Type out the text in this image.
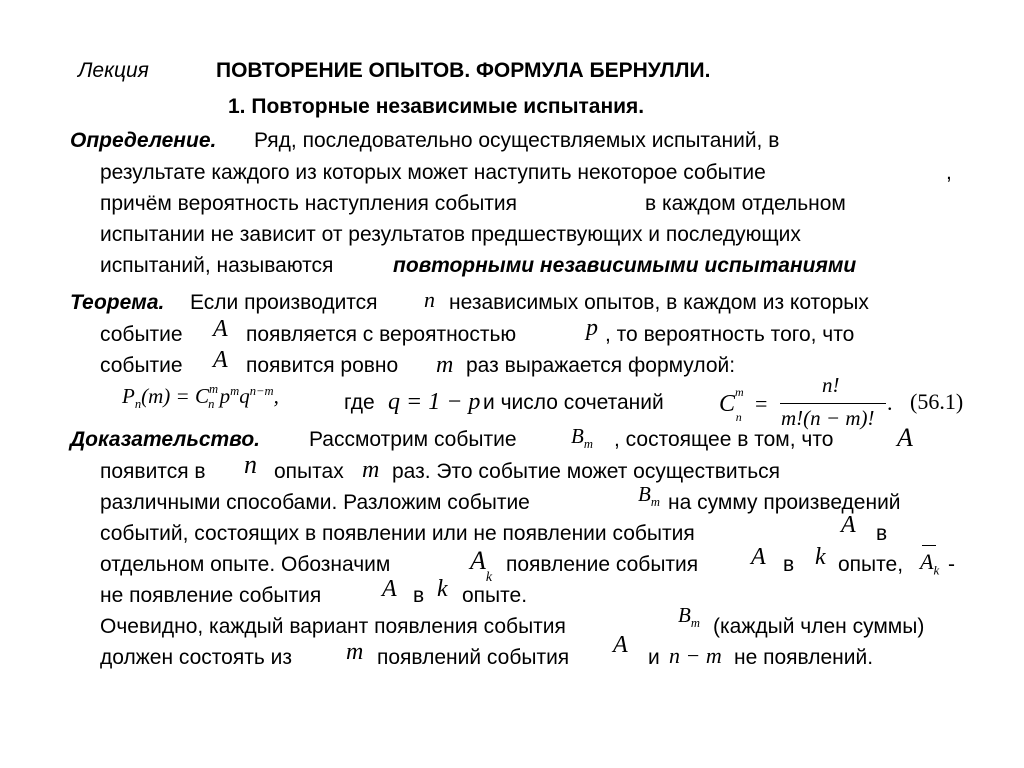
Лекция	ПОВТОРЕНИЕ ОПЫТОВ. ФОРМУЛА БЕРНУЛЛИ.
1. Повторные независимые испытания.
Определение. Ряд, последовательно осуществляемых испытаний, в
результате каждого из которых может наступить некоторое событие	,
причём вероятность наступления события	в каждом отдельном
испытании не зависит от результатов предшествующих и последующих
испытаний, называются	повторными независимыми испытаниями
Теорема. Если производится n независимых опытов, в каждом из которых
событие A появляется с вероятностью	p , то вероятность того, что
событие A появится ровно m раз выражается формулой:
$P_n(m) = C^m_n$ $p^mq^{n-m}$,	где q = 1 − p и число сочетаний $C^m_n$
=
n!
m!(n − m)!
. (56.1)
Доказательство. Рассмотрим событие	$B_m$ , состоящее в том, что A
появится в n опытах m раз. Это событие может осуществиться
различными способами. Разложим событие	$B_m$ на сумму произведений
событий, состоящих в появлении или не появлении события	A в
отдельном опыте. Обозначим	$A_k$
появление события A в k опыте, $A_k$ -
не появление события	A в k опыте.
Очевидно, каждый вариант появления события	$B_m$ (каждый член суммы)
должен состоять из m появлений события A и n − m не появлений.
